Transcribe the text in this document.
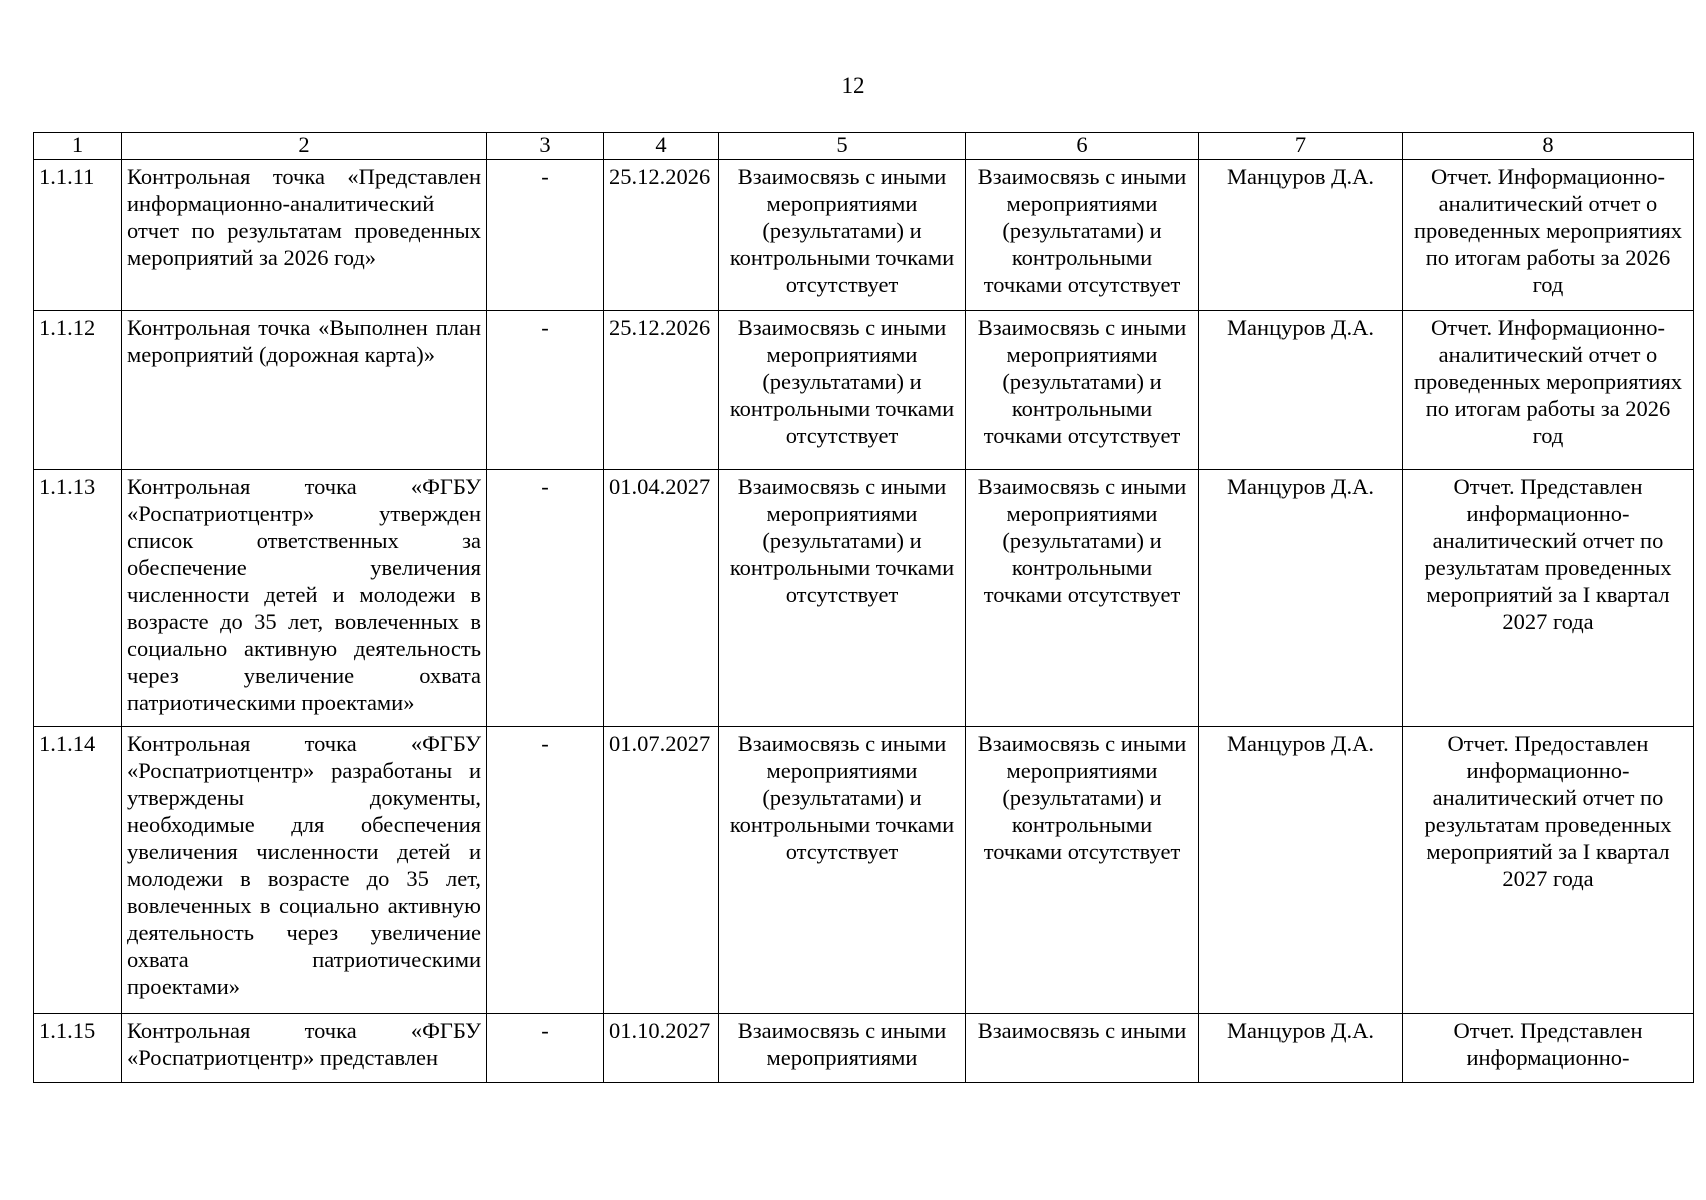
12
1	2	3	4	5	6	7	8
1.1.11	Контрольная точка «Представлен информационно-аналитический отчет по результатам проведенных мероприятий за 2026 год»	-	25.12.2026	Взаимосвязь с иными мероприятиями (результатами) и контрольными точками отсутствует	Взаимосвязь с иными мероприятиями (результатами) и контрольными точками отсутствует	Манцуров Д.А.	Отчет. Информационно-аналитический отчет о проведенных мероприятиях по итогам работы за 2026 год
1.1.12	Контрольная точка «Выполнен план мероприятий (дорожная карта)»	-	25.12.2026	Взаимосвязь с иными мероприятиями (результатами) и контрольными точками отсутствует	Взаимосвязь с иными мероприятиями (результатами) и контрольными точками отсутствует	Манцуров Д.А.	Отчет. Информационно-аналитический отчет о проведенных мероприятиях по итогам работы за 2026 год
1.1.13	Контрольная точка «ФГБУ «Роспатриотцентр» утвержден список ответственных за обеспечение увеличения численности детей и молодежи в возрасте до 35 лет, вовлеченных в социально активную деятельность через увеличение охвата патриотическими проектами»	-	01.04.2027	Взаимосвязь с иными мероприятиями (результатами) и контрольными точками отсутствует	Взаимосвязь с иными мероприятиями (результатами) и контрольными точками отсутствует	Манцуров Д.А.	Отчет. Представлен информационно-аналитический отчет по результатам проведенных мероприятий за I квартал 2027 года
1.1.14	Контрольная точка «ФГБУ «Роспатриотцентр» разработаны и утверждены документы, необходимые для обеспечения увеличения численности детей и молодежи в возрасте до 35 лет, вовлеченных в социально активную деятельность через увеличение охвата патриотическими проектами»	-	01.07.2027	Взаимосвязь с иными мероприятиями (результатами) и контрольными точками отсутствует	Взаимосвязь с иными мероприятиями (результатами) и контрольными точками отсутствует	Манцуров Д.А.	Отчет. Предоставлен информационно-аналитический отчет по результатам проведенных мероприятий за I квартал 2027 года
1.1.15	Контрольная точка «ФГБУ «Роспатриотцентр» представлен	-	01.10.2027	Взаимосвязь с иными мероприятиями	Взаимосвязь с иными	Манцуров Д.А.	Отчет. Представлен информационно-
